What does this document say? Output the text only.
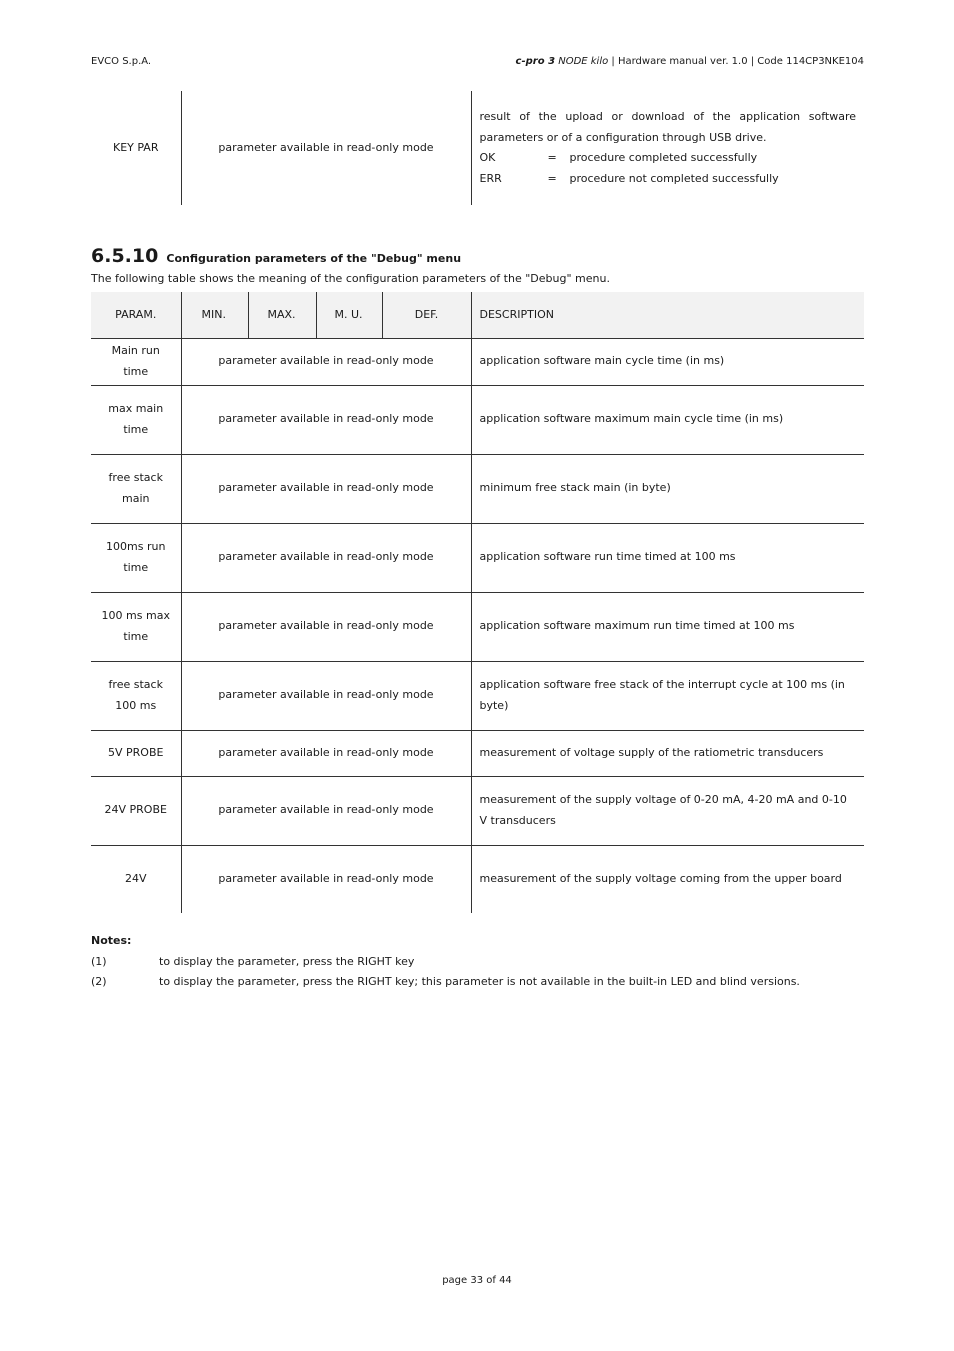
EVCO S.p.A.	c-pro 3 NODE kilo | Hardware manual ver. 1.0 | Code 114CP3NKE104
KEY PAR	parameter available in read-only mode	
result of the upload or download of the application software parameters or of a configuration through USB drive.
OK	=	procedure completed successfully
ERR	=	procedure not completed successfully
6.5.10 Configuration parameters of the "Debug" menu
The following table shows the meaning of the configuration parameters of the "Debug" menu.
PARAM.	MIN.	MAX.	M. U.	DEF.	DESCRIPTION
Main run time	parameter available in read-only mode				application software main cycle time (in ms)
max main time	parameter available in read-only mode				application software maximum main cycle time (in ms)
free stack main	parameter available in read-only mode				minimum free stack main (in byte)
100ms run time	parameter available in read-only mode				application software run time timed at 100 ms
100 ms max time	parameter available in read-only mode				application software maximum run time timed at 100 ms
free stack 100 ms	parameter available in read-only mode				application software free stack of the interrupt cycle at 100 ms (in byte)
5V PROBE	parameter available in read-only mode				measurement of voltage supply of the ratiometric transducers
24V PROBE	parameter available in read-only mode				measurement of the supply voltage of 0-20 mA, 4-20 mA and 0-10 V transducers
24V	parameter available in read-only mode				measurement of the supply voltage coming from the upper board
Notes:
(1)	to display the parameter, press the RIGHT key
(2)	to display the parameter, press the RIGHT key; this parameter is not available in the built-in LED and blind versions.
page 33 of 44
